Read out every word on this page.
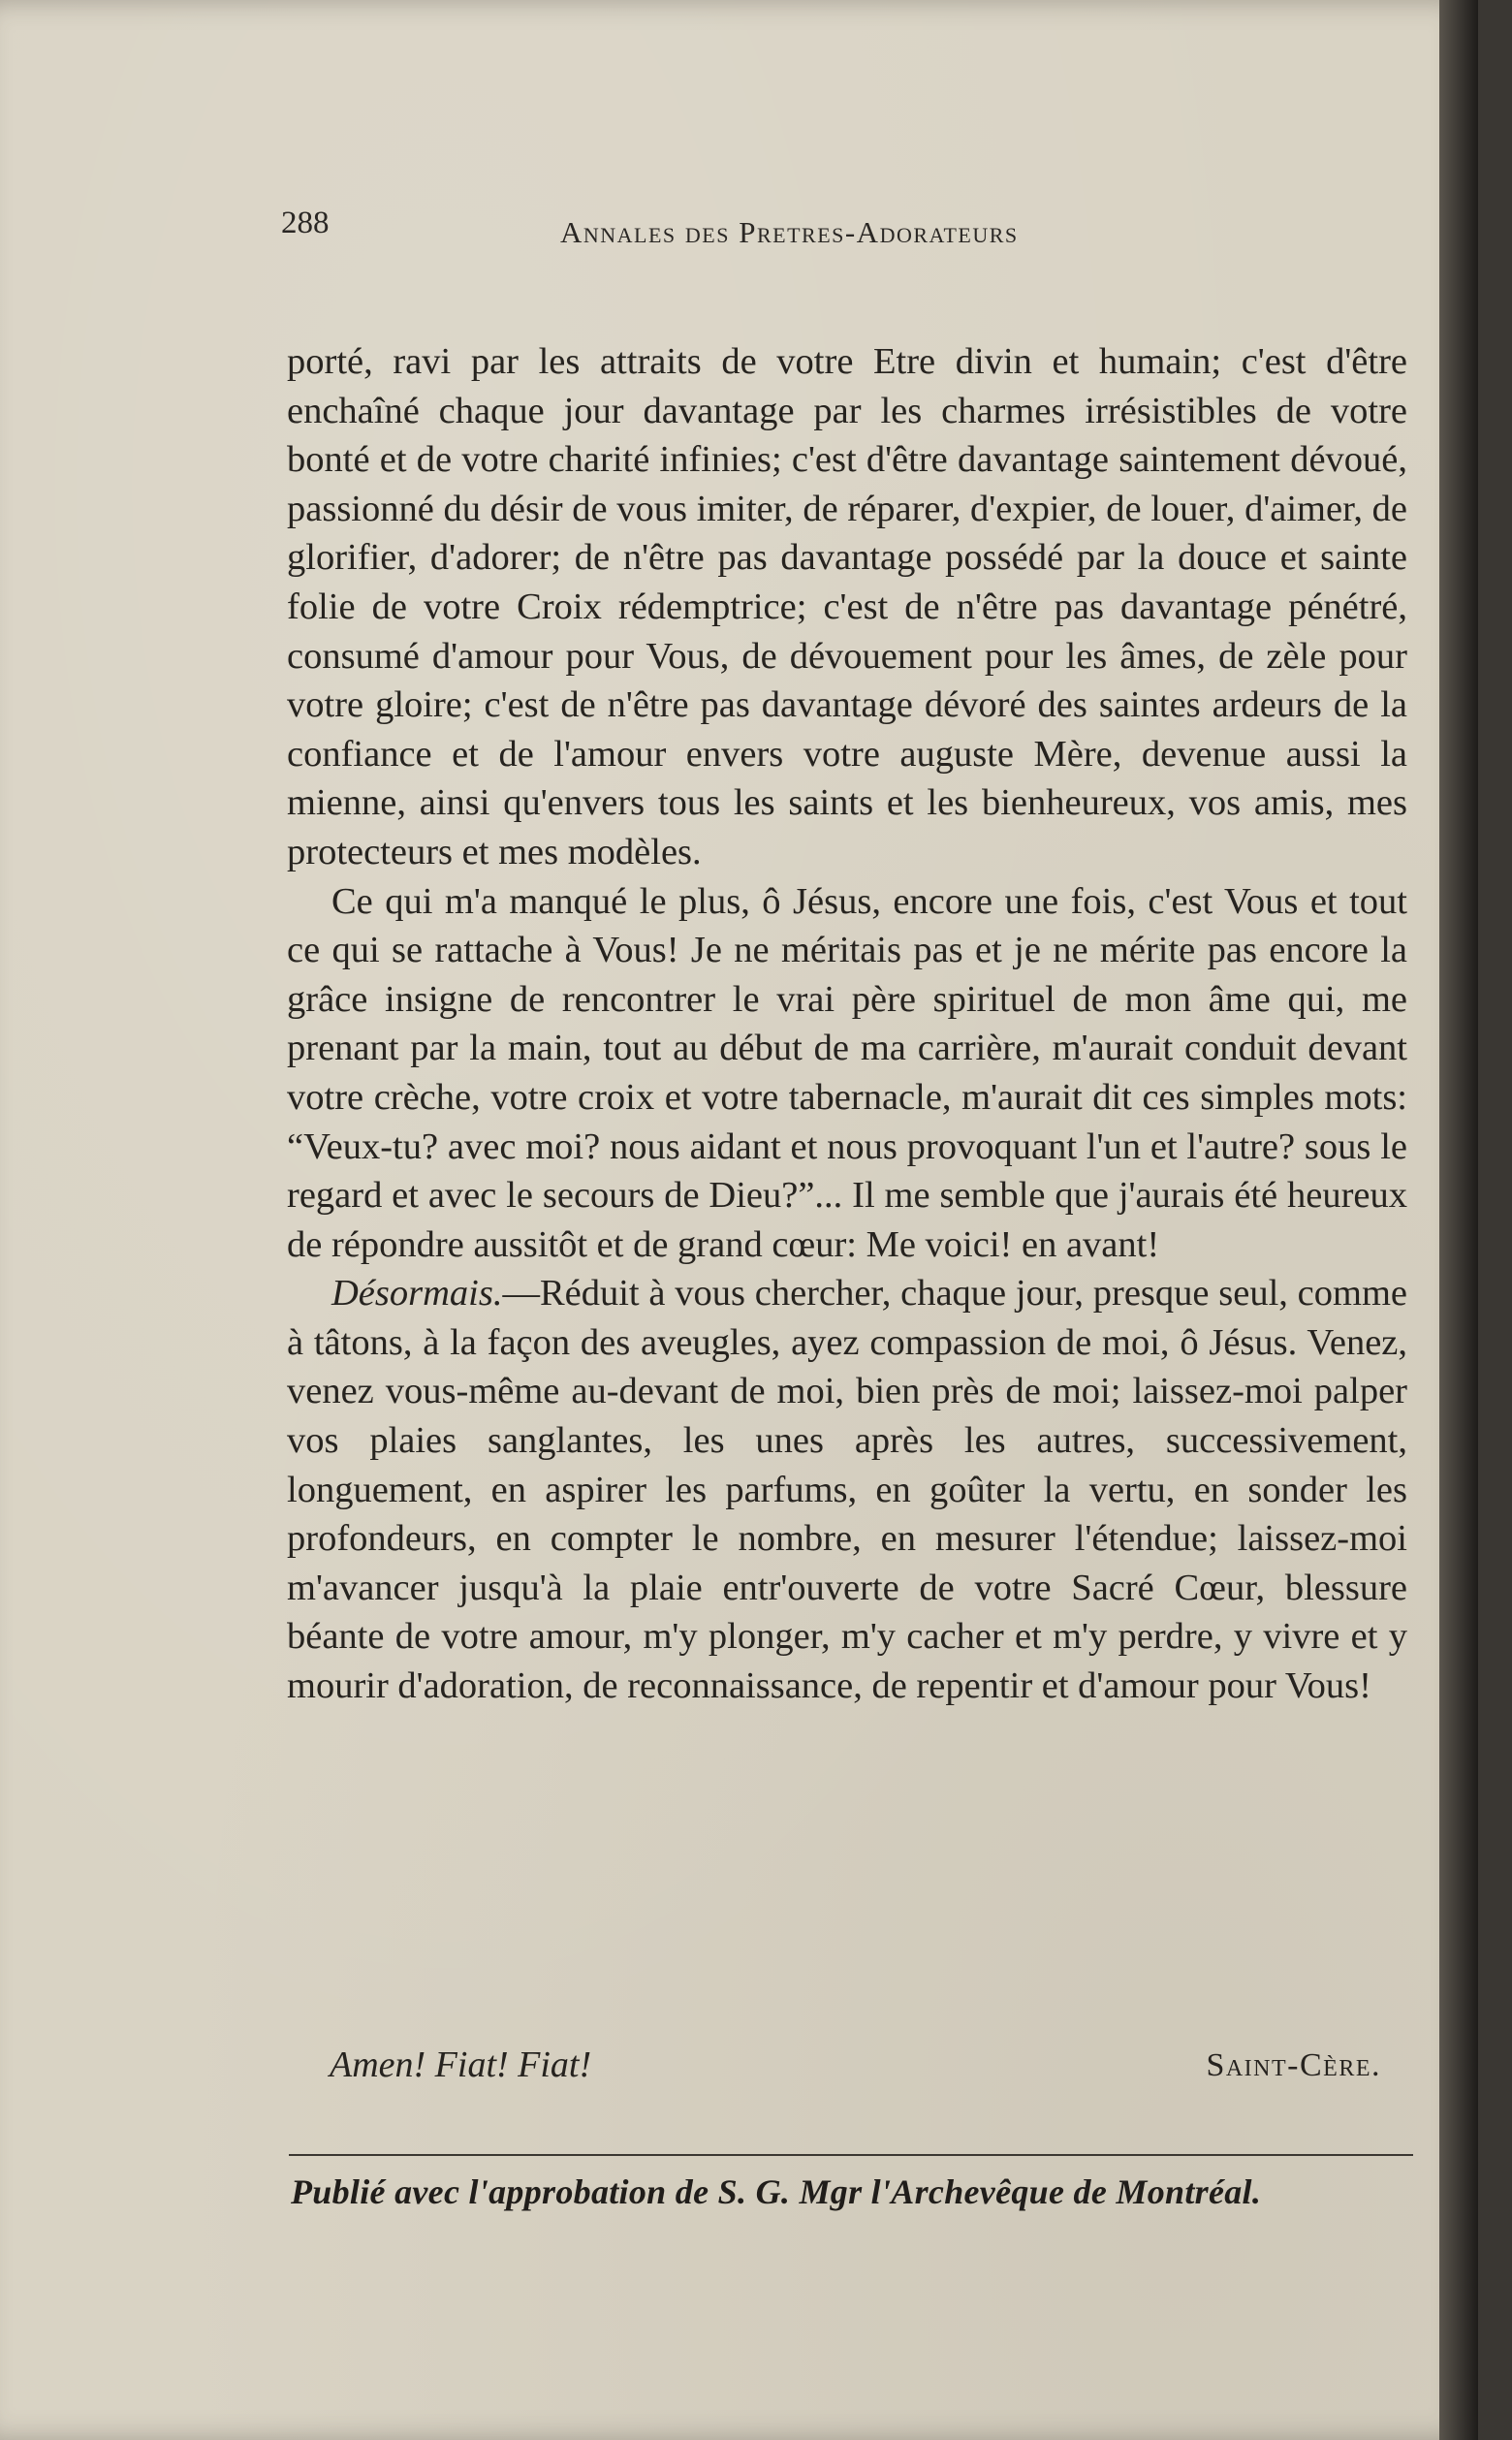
288	Annales des Pretres-Adorateurs

porté, ravi par les attraits de votre Etre divin et humain; c'est d'être enchaîné chaque jour davantage par les charmes irrésistibles de votre bonté et de votre charité infinies; c'est d'être davantage saintement dévoué, passionné du désir de vous imiter, de réparer, d'expier, de louer, d'aimer, de glorifier, d'adorer; de n'être pas davantage possédé par la douce et sainte folie de votre Croix rédemptrice; c'est de n'être pas davantage pénétré, consumé d'amour pour Vous, de dévouement pour les âmes, de zèle pour votre gloire; c'est de n'être pas davantage dévoré des saintes ardeurs de la confiance et de l'amour envers votre auguste Mère, devenue aussi la mienne, ainsi qu'envers tous les saints et les bienheureux, vos amis, mes protecteurs et mes modèles.

Ce qui m'a manqué le plus, ô Jésus, encore une fois, c'est Vous et tout ce qui se rattache à Vous! Je ne méritais pas et je ne mérite pas encore la grâce insigne de rencontrer le vrai père spirituel de mon âme qui, me prenant par la main, tout au début de ma carrière, m'aurait conduit devant votre crèche, votre croix et votre tabernacle, m'aurait dit ces simples mots: “Veux-tu? avec moi? nous aidant et nous provoquant l'un et l'autre? sous le regard et avec le secours de Dieu?”... Il me semble que j'aurais été heureux de répondre aussitôt et de grand cœur: Me voici! en avant!

Désormais.—Réduit à vous chercher, chaque jour, presque seul, comme à tâtons, à la façon des aveugles, ayez compassion de moi, ô Jésus. Venez, venez vous-même au-devant de moi, bien près de moi; laissez-moi palper vos plaies sanglantes, les unes après les autres, successivement, longuement, en aspirer les parfums, en goûter la vertu, en sonder les profondeurs, en compter le nombre, en mesurer l'étendue; laissez-moi m'avancer jusqu'à la plaie entr'ouverte de votre Sacré Cœur, blessure béante de votre amour, m'y plonger, m'y cacher et m'y perdre, y vivre et y mourir d'adoration, de reconnaissance, de repentir et d'amour pour Vous!

Amen! Fiat! Fiat!	Saint-Cère.
Publié avec l'approbation de S. G. Mgr l'Archevêque de Montréal.
